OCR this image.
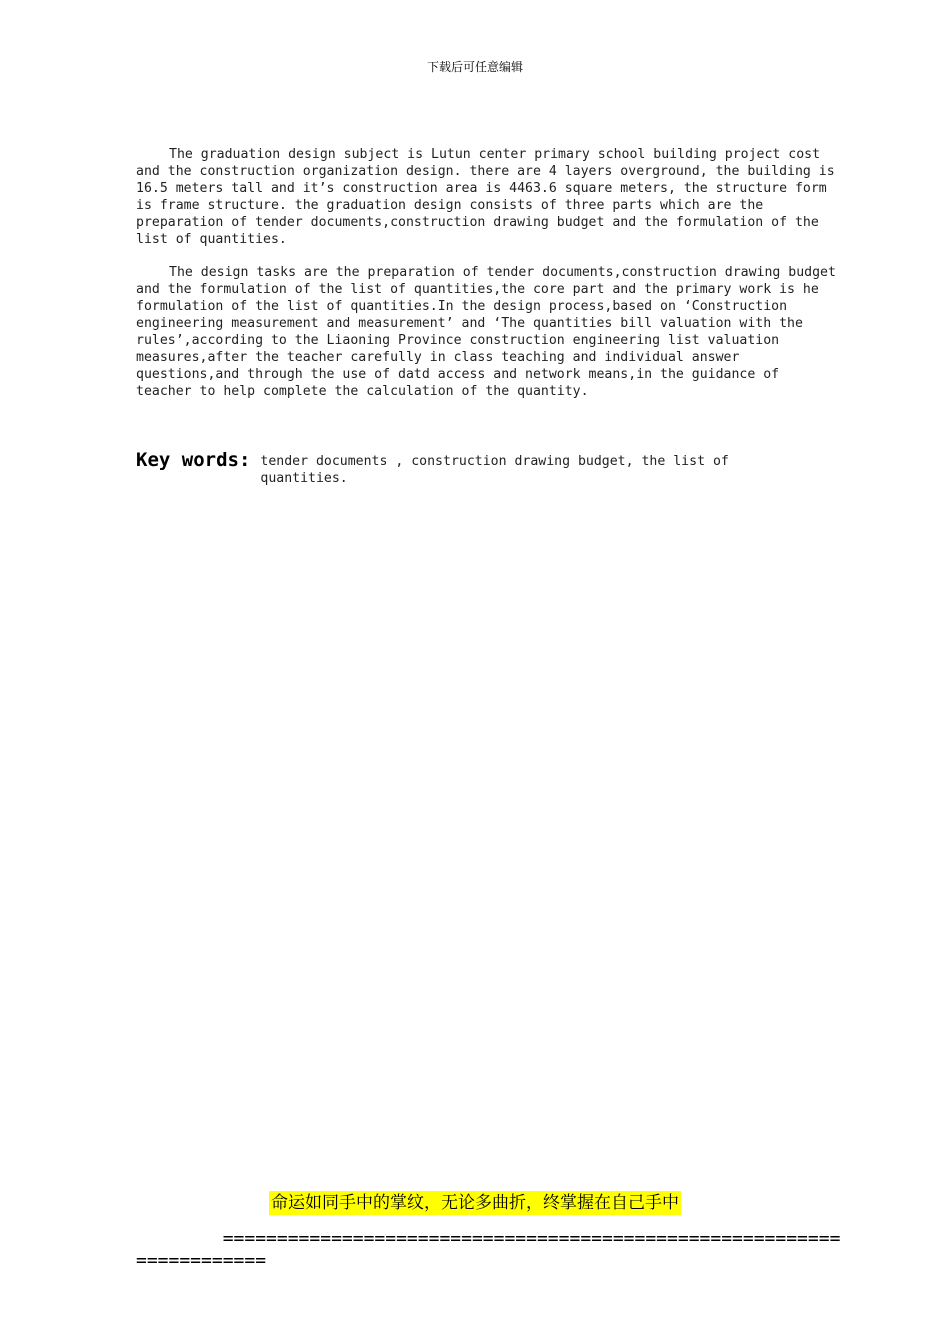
下载后可任意编辑

The graduation design subject is Lutun center primary school building project cost and the construction organization design. there are 4 layers overground, the building is 16.5 meters tall and it’s construction area is 4463.6 square meters, the structure form is frame structure. the graduation design consists of three parts which are the preparation of tender documents,construction drawing budget and the formulation of the list of quantities.

The design tasks are the preparation of tender documents,construction drawing budget and the formulation of the list of quantities,the core part and the primary work is he formulation of the list of quantities.In the design process,based on ‘Construction engineering measurement and measurement’ and ‘The quantities bill valuation with the rules’,according to the Liaoning Province construction engineering list valuation measures,after the teacher carefully in class teaching and individual answer questions,and through the use of datd access and network means,in the guidance of teacher to help complete the calculation of the quantity.

Key words: tender documents , construction drawing budget, the list of quantities.
命运如同手中的掌纹，无论多曲折，终掌握在自己手中
=====================================================================
